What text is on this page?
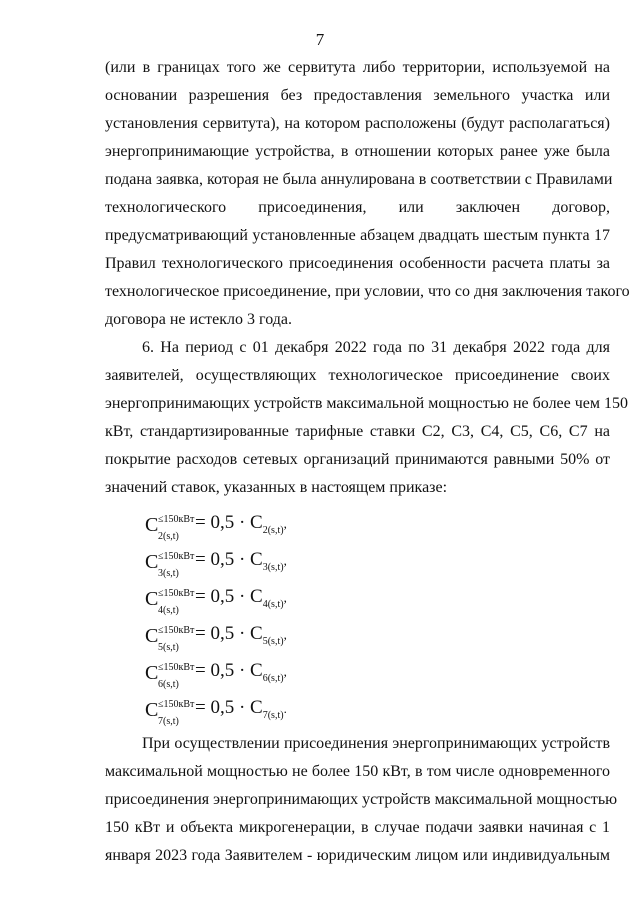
7
(или в границах того же сервитута либо территории, используемой на
основании разрешения без предоставления земельного участка или
установления сервитута), на котором расположены (будут располагаться)
энергопринимающие устройства, в отношении которых ранее уже была
подана заявка, которая не была аннулирована в соответствии с Правилами
технологического присоединения, или заключен договор,
предусматривающий установленные абзацем двадцать шестым пункта 17
Правил технологического присоединения особенности расчета платы за
технологическое присоединение, при условии, что со дня заключения такого
договора не истекло 3 года.
6. На период с 01 декабря 2022 года по 31 декабря 2022 года для
заявителей, осуществляющих технологическое присоединение своих
энергопринимающих устройств максимальной мощностью не более чем 150
кВт, стандартизированные тарифные ставки С2, С3, С4, С5, С6, С7 на
покрытие расходов сетевых организаций принимаются равными 50% от
значений ставок, указанных в настоящем приказе:
C ≤150кВт
2(s,t)
= $0,5 \cdot C_{2(s,t)}$,
C ≤150кВт
3(s,t)
= $0,5 \cdot C_{3(s,t)}$,
C ≤150кВт
4(s,t)
= $0,5 \cdot C_{4(s,t)}$,
C ≤150кВт
5(s,t)
= $0,5 \cdot C_{5(s,t)}$,
C ≤150кВт
6(s,t)
= $0,5 \cdot C_{6(s,t)}$,
C ≤150кВт
7(s,t)
= $0,5 \cdot C_{7(s,t)}$.
При осуществлении присоединения энергопринимающих устройств
максимальной мощностью не более 150 кВт, в том числе одновременного
присоединения энергопринимающих устройств максимальной мощностью
150 кВт и объекта микрогенерации, в случае подачи заявки начиная с 1
января 2023 года Заявителем - юридическим лицом или индивидуальным
